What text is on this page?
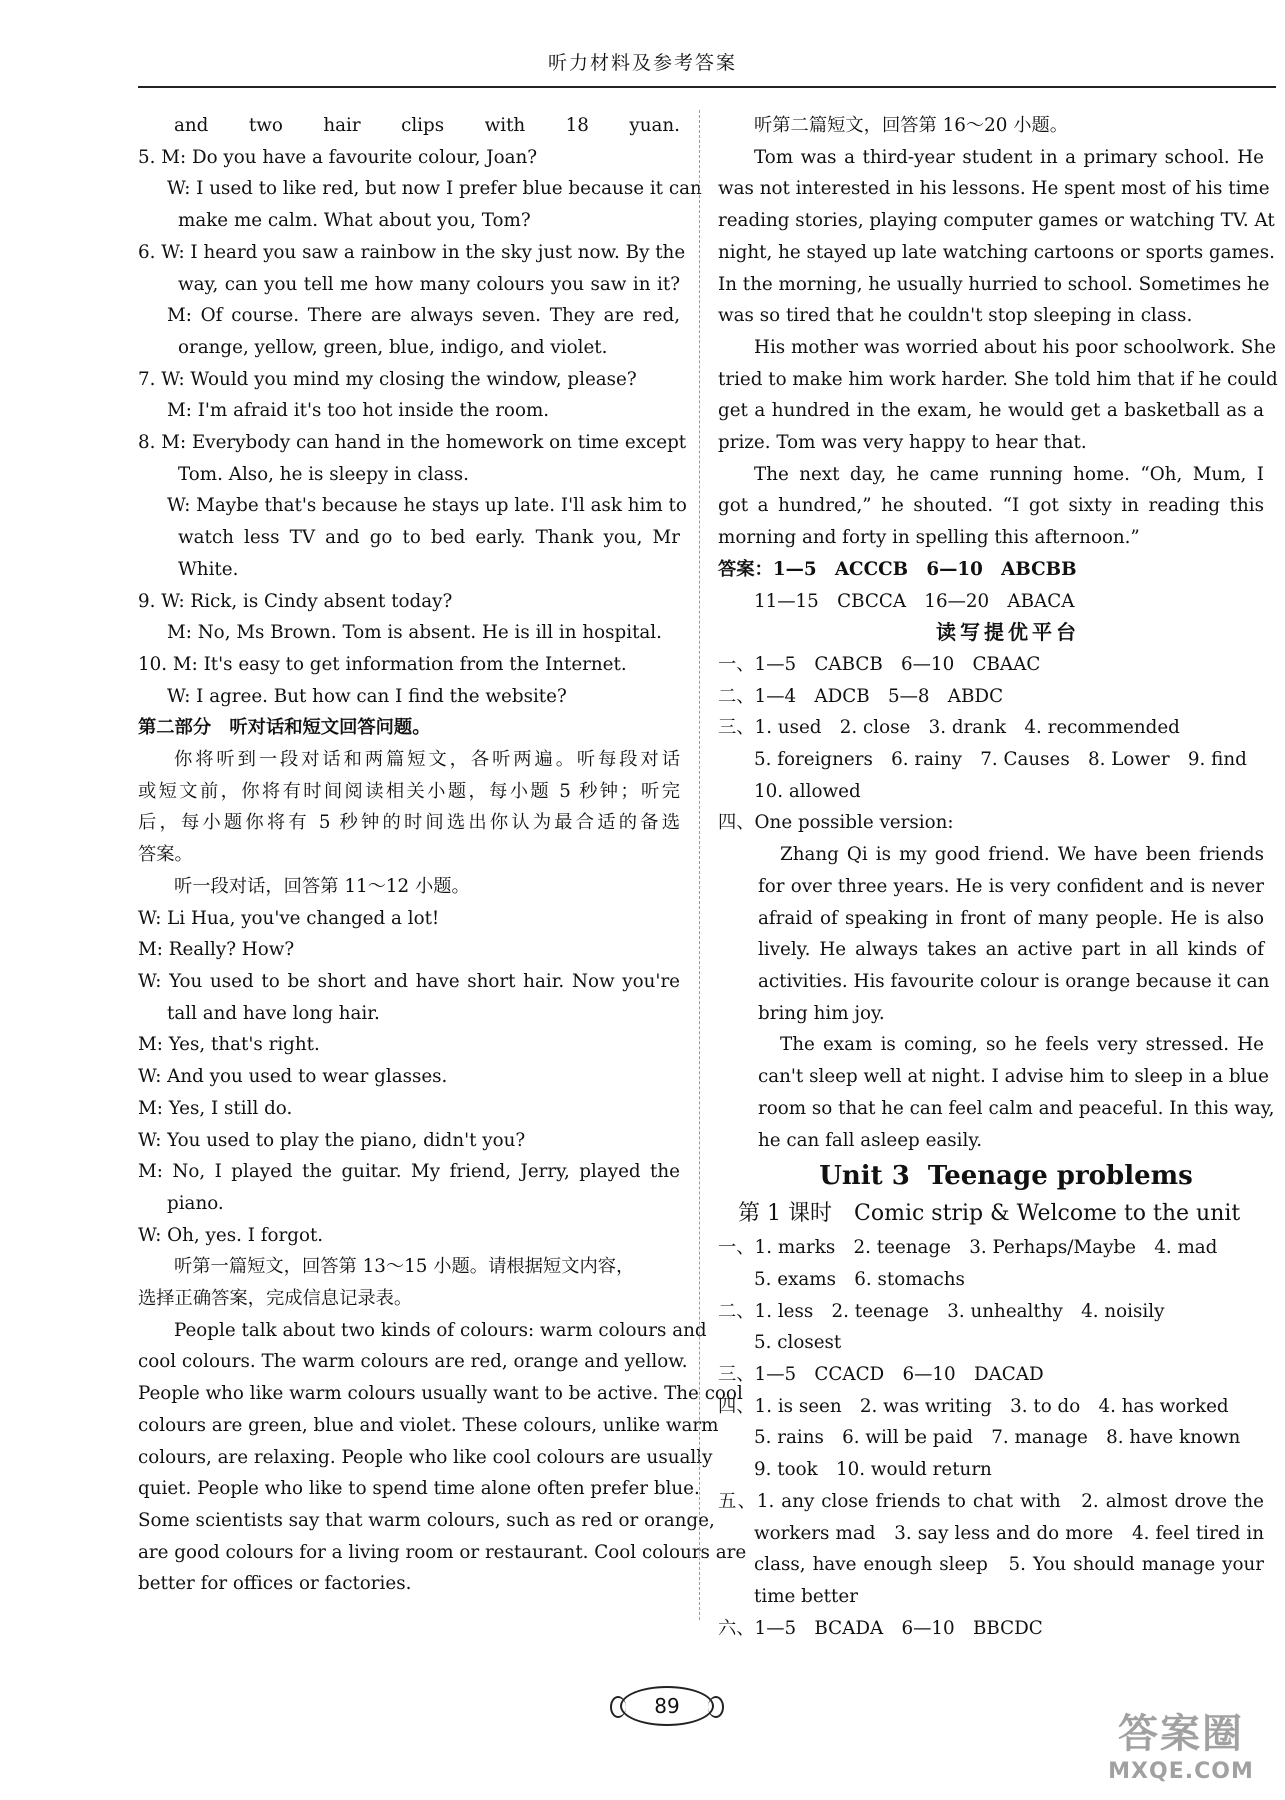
听力材料及参考答案
and two hair clips with 18 yuan.
5. M: Do you have a favourite colour, Joan?
W: I used to like red, but now I prefer blue because it can
make me calm. What about you, Tom?
6. W: I heard you saw a rainbow in the sky just now. By the
way, can you tell me how many colours you saw in it?
M: Of course. There are always seven. They are red,
orange, yellow, green, blue, indigo, and violet.
7. W: Would you mind my closing the window, please?
M: I'm afraid it's too hot inside the room.
8. M: Everybody can hand in the homework on time except
Tom. Also, he is sleepy in class.
W: Maybe that's because he stays up late. I'll ask him to
watch less TV and go to bed early. Thank you, Mr
White.
9. W: Rick, is Cindy absent today?
M: No, Ms Brown. Tom is absent. He is ill in hospital.
10. M: It's easy to get information from the Internet.
W: I agree. But how can I find the website?
第二部分　听对话和短文回答问题。
你将听到一段对话和两篇短文，各听两遍。听每段对话
或短文前，你将有时间阅读相关小题，每小题 5 秒钟；听完
后，每小题你将有 5 秒钟的时间选出你认为最合适的备选
答案。
听一段对话，回答第 11～12 小题。
W: Li Hua, you've changed a lot!
M: Really? How?
W: You used to be short and have short hair. Now you're
tall and have long hair.
M: Yes, that's right.
W: And you used to wear glasses.
M: Yes, I still do.
W: You used to play the piano, didn't you?
M: No, I played the guitar. My friend, Jerry, played the
piano.
W: Oh, yes. I forgot.
听第一篇短文，回答第 13～15 小题。请根据短文内容，
选择正确答案，完成信息记录表。
People talk about two kinds of colours: warm colours and
cool colours. The warm colours are red, orange and yellow.
People who like warm colours usually want to be active. The cool
colours are green, blue and violet. These colours, unlike warm
colours, are relaxing. People who like cool colours are usually
quiet. People who like to spend time alone often prefer blue.
Some scientists say that warm colours, such as red or orange,
are good colours for a living room or restaurant. Cool colours are
better for offices or factories.
听第二篇短文，回答第 16～20 小题。
Tom was a third-year student in a primary school. He
was not interested in his lessons. He spent most of his time
reading stories, playing computer games or watching TV. At
night, he stayed up late watching cartoons or sports games.
In the morning, he usually hurried to school. Sometimes he
was so tired that he couldn't stop sleeping in class.
His mother was worried about his poor schoolwork. She
tried to make him work harder. She told him that if he could
get a hundred in the exam, he would get a basketball as a
prize. Tom was very happy to hear that.
The next day, he came running home. “Oh, Mum, I
got a hundred,” he shouted. “I got sixty in reading this
morning and forty in spelling this afternoon.”
答案：1—5　ACCCB　6—10　ABCBB
11—15　CBCCA　16—20　ABACA
读写提优平台
一、1—5　CABCB　6—10　CBAAC
二、1—4　ADCB　5—8　ABDC
三、1. used　2. close　3. drank　4. recommended
5. foreigners　6. rainy　7. Causes　8. Lower　9. find
10. allowed
四、One possible version:
Zhang Qi is my good friend. We have been friends
for over three years. He is very confident and is never
afraid of speaking in front of many people. He is also
lively. He always takes an active part in all kinds of
activities. His favourite colour is orange because it can
bring him joy.
The exam is coming, so he feels very stressed. He
can't sleep well at night. I advise him to sleep in a blue
room so that he can feel calm and peaceful. In this way,
he can fall asleep easily.
Unit 3 Teenage problems
第 1 课时　 Comic strip & Welcome to the unit
一、1. marks　2. teenage　3. Perhaps/Maybe　4. mad
5. exams　6. stomachs
二、1. less　2. teenage　3. unhealthy　4. noisily
5. closest
三、1—5　CCACD　6—10　DACAD
四、1. is seen　2. was writing　3. to do　4. has worked
5. rains　6. will be paid　7. manage　8. have known
9. took　10. would return
五、1. any close friends to chat with　2. almost drove the
workers mad　3. say less and do more　4. feel tired in
class, have enough sleep　5. You should manage your
time better
六、1—5　BCADA　6—10　BBCDC
89
答案圈
MXQE.COM
